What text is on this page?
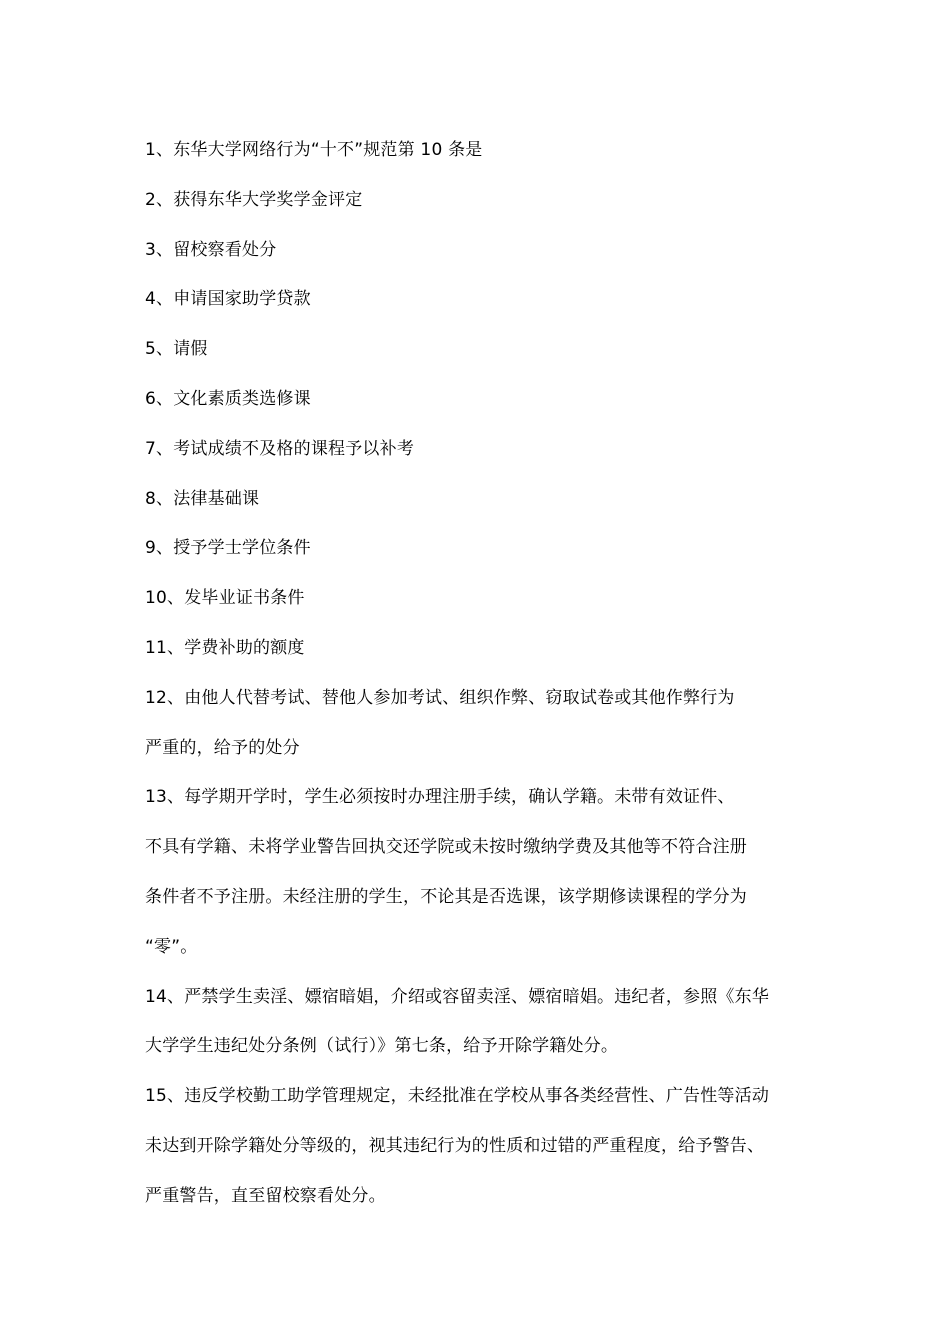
1、东华大学网络行为“十不”规范第 10 条是
2、获得东华大学奖学金评定
3、留校察看处分
4、申请国家助学贷款
5、请假
6、文化素质类选修课
7、考试成绩不及格的课程予以补考
8、法律基础课
9、授予学士学位条件
10、发毕业证书条件
11、学费补助的额度
12、由他人代替考试、替他人参加考试、组织作弊、窃取试卷或其他作弊行为
严重的，给予的处分
13、每学期开学时，学生必须按时办理注册手续，确认学籍。未带有效证件、
不具有学籍、未将学业警告回执交还学院或未按时缴纳学费及其他等不符合注册
条件者不予注册。未经注册的学生，不论其是否选课，该学期修读课程的学分为
“零”。
14、严禁学生卖淫、嫖宿暗娼，介绍或容留卖淫、嫖宿暗娼。违纪者，参照《东华
大学学生违纪处分条例（试行）》第七条，给予开除学籍处分。
15、违反学校勤工助学管理规定，未经批准在学校从事各类经营性、广告性等活动
未达到开除学籍处分等级的，视其违纪行为的性质和过错的严重程度，给予警告、
严重警告，直至留校察看处分。
